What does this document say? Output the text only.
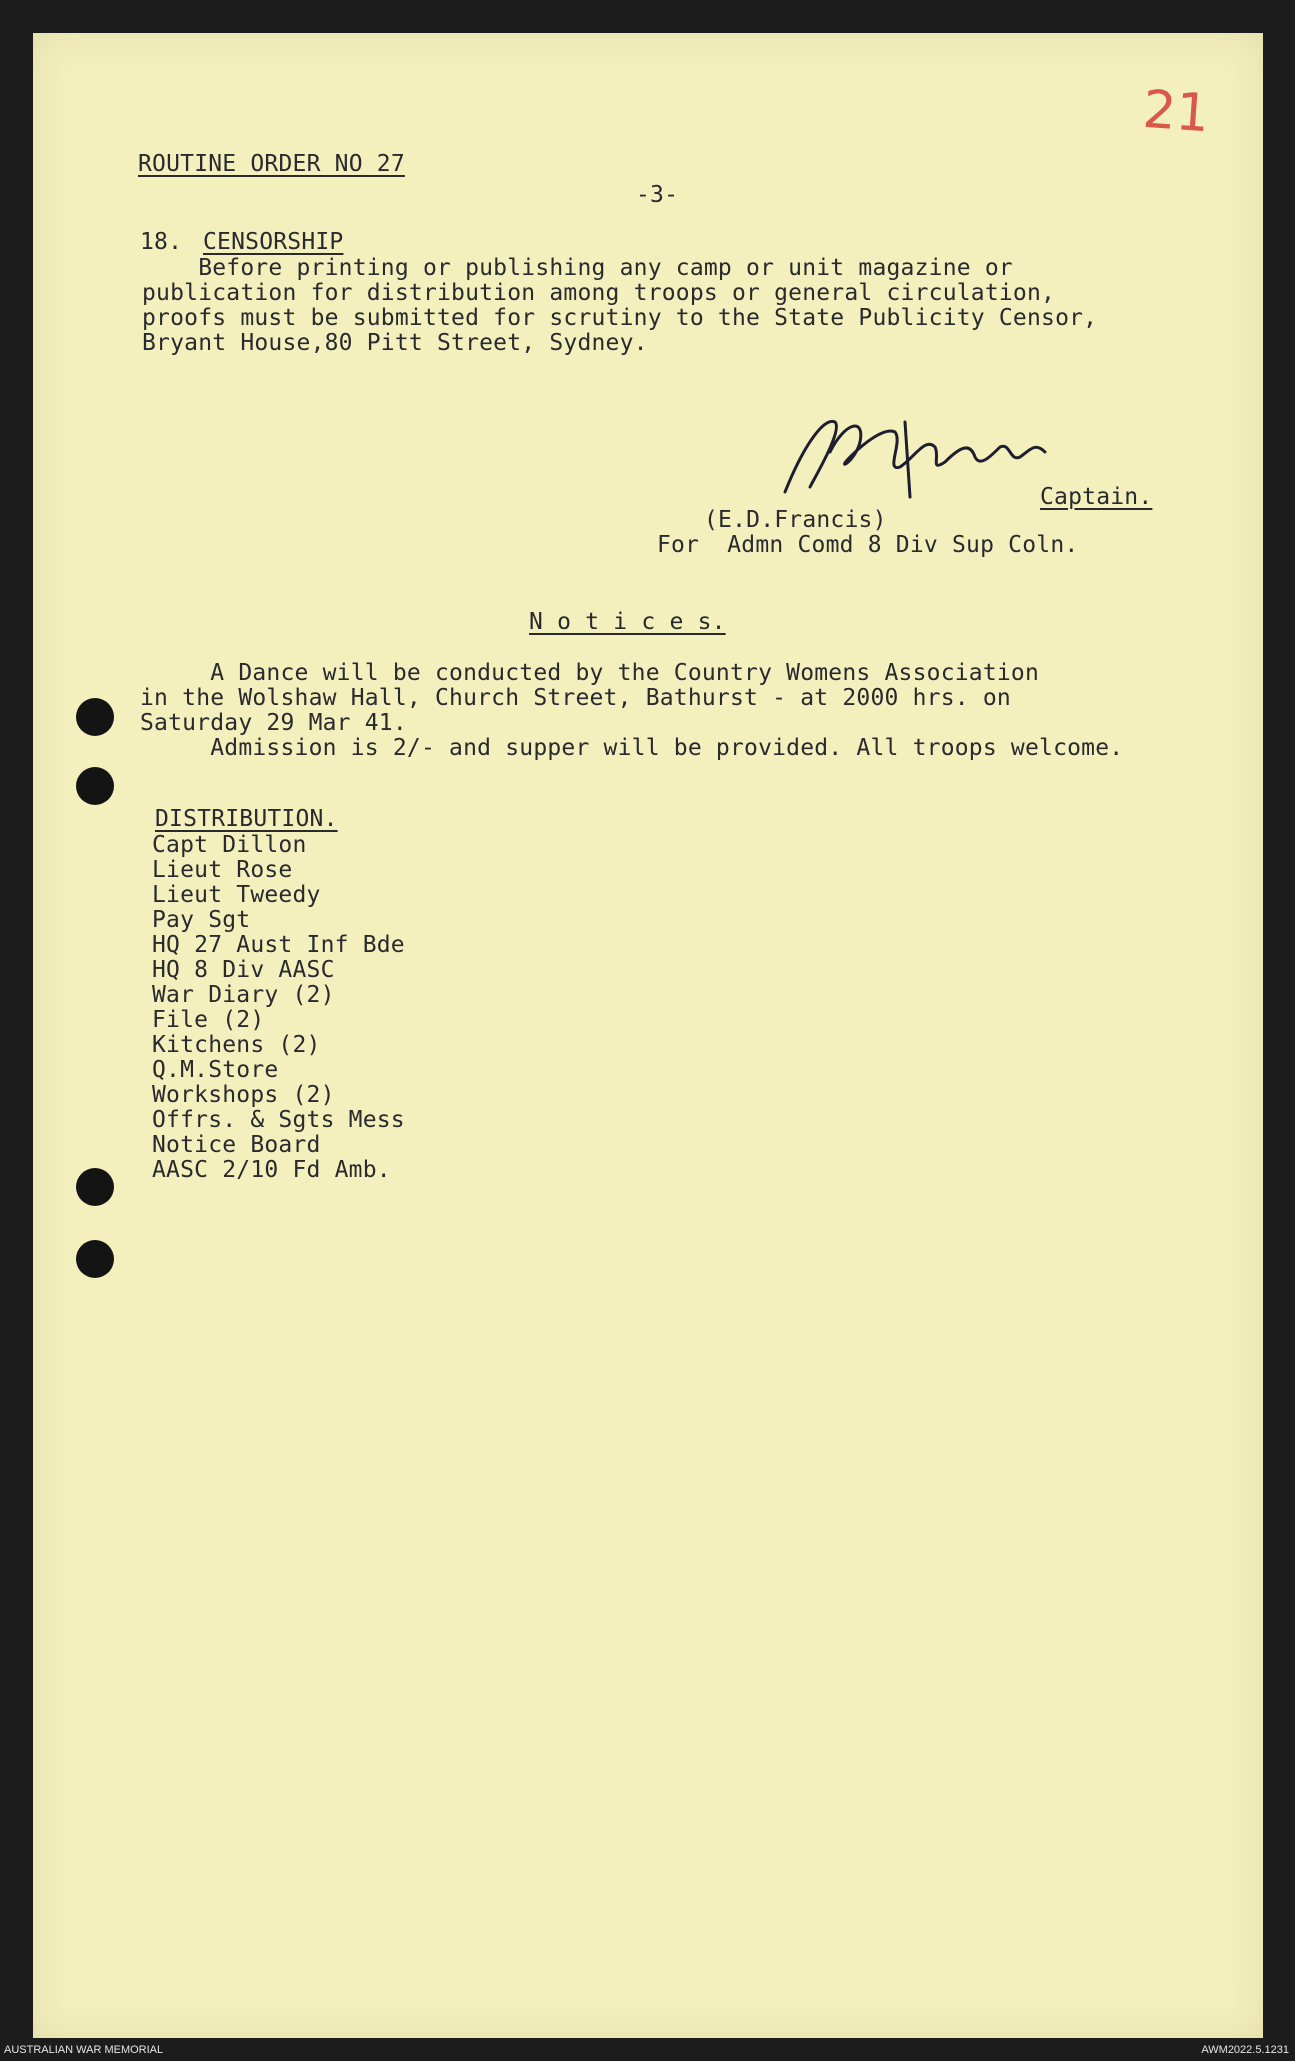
21
ROUTINE ORDER NO 27
-3-
18. CENSORSHIP
Before printing or publishing any camp or unit magazine or
publication for distribution among troops or general circulation,
proofs must be submitted for scrutiny to the State Publicity Censor,
Bryant House,80 Pitt Street, Sydney.
Captain.
(E.D.Francis)
For  Admn Comd 8 Div Sup Coln.
N o t i c e s.
A Dance will be conducted by the Country Womens Association
in the Wolshaw Hall, Church Street, Bathurst - at 2000 hrs. on
Saturday 29 Mar 41.
Admission is 2/- and supper will be provided. All troops welcome.
DISTRIBUTION.
Capt Dillon
Lieut Rose
Lieut Tweedy
Pay Sgt
HQ 27 Aust Inf Bde
HQ 8 Div AASC
War Diary (2)
File (2)
Kitchens (2)
Q.M.Store
Workshops (2)
Offrs. & Sgts Mess
Notice Board
AASC 2/10 Fd Amb.
AUSTRALIAN WAR MEMORIAL	AWM2022.5.1231
